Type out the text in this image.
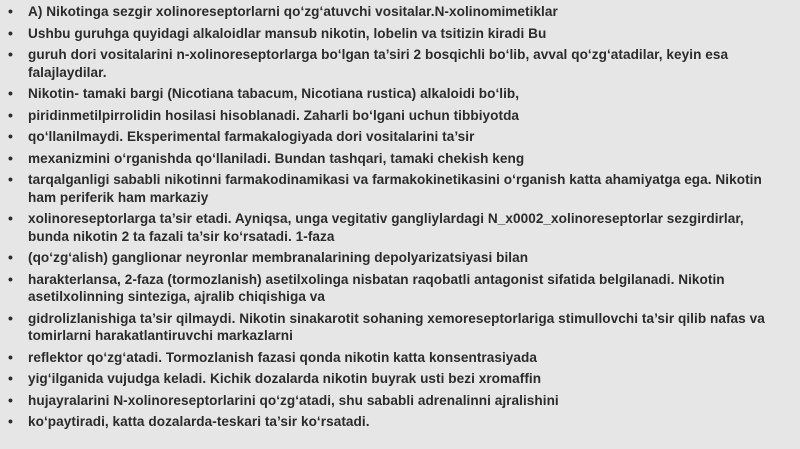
• A) Nikotinga sezgir xolinoreseptorlarni qo‘zg‘atuvchi vositalar.N-xolinomimetiklar
• Ushbu guruhga quyidagi alkaloidlar mansub nikotin, lobelin va tsitizin kiradi Bu
• guruh dori vositalarini n-xolinoreseptorlarga bo‘lgan ta’siri 2 bosqichli bo‘lib, avval qo‘zg‘atadilar, keyin esa falajlaydilar.
• Nikotin- tamaki bargi (Nicotiana tabacum, Nicotiana rustica) alkaloidi bo‘lib,
• piridinmetilpirrolidin hosilasi hisoblanadi. Zaharli bo‘lgani uchun tibbiyotda
• qo‘llanilmaydi. Eksperimental farmakalogiyada dori vositalarini ta’sir
• mexanizmini o‘rganishda qo‘llaniladi. Bundan tashqari, tamaki chekish keng
• tarqalganligi sababli nikotinni farmakodinamikasi va farmakokinetikasini o‘rganish katta ahamiyatga ega. Nikotin ham periferik ham markaziy
• xolinoreseptorlarga ta’sir etadi. Ayniqsa, unga vegitativ gangliylardagi N_x0002_xolinoreseptorlar sezgirdirlar, bunda nikotin 2 ta fazali ta’sir ko‘rsatadi. 1-faza
• (qo‘zg‘alish) ganglionar neyronlar membranalarining depolyarizatsiyasi bilan
• harakterlansa, 2-faza (tormozlanish) asetilxolinga nisbatan raqobatli antagonist sifatida belgilanadi. Nikotin asetilxolinning sinteziga, ajralib chiqishiga va
• gidrolizlanishiga ta’sir qilmaydi. Nikotin sinakarotit sohaning xemoreseptorlariga stimullovchi ta’sir qilib nafas va tomirlarni harakatlantiruvchi markazlarni
• reflektor qo‘zg‘atadi. Tormozlanish fazasi qonda nikotin katta konsentrasiyada
• yig‘ilganida vujudga keladi. Kichik dozalarda nikotin buyrak usti bezi xromaffin
• hujayralarini N-xolinoreseptorlarini qo‘zg‘atadi, shu sababli adrenalinni ajralishini
• ko‘paytiradi, katta dozalarda-teskari ta’sir ko‘rsatadi.
